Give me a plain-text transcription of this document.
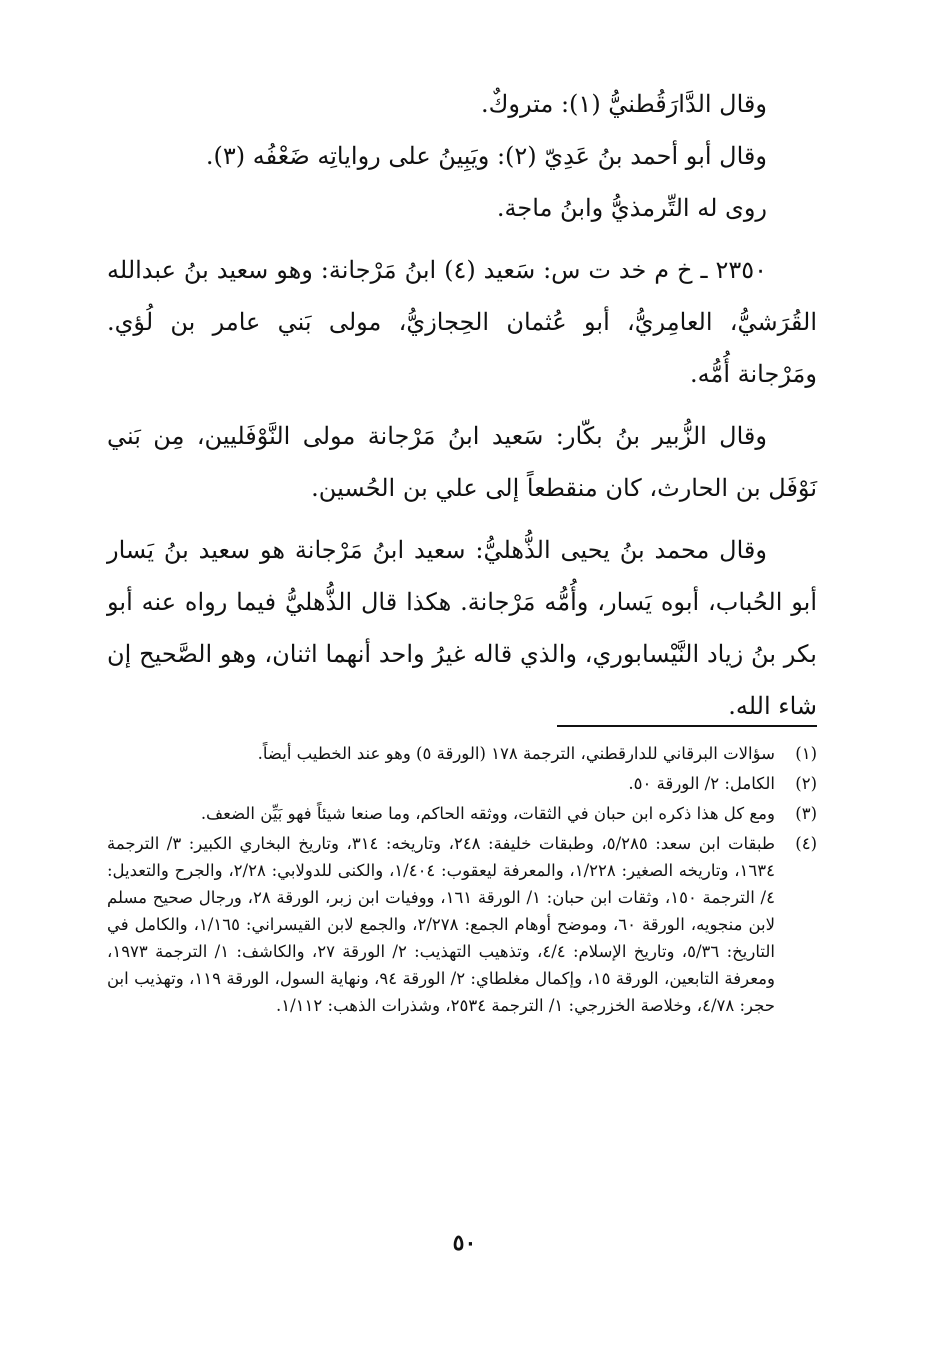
وقال الدَّارَقُطنيُّ (١): متروكٌ.

وقال أبو أحمد بنُ عَدِيّ (٢): ويَبِينُ على رواياتِه ضَعْفُه (٣).

روى له التِّرمذيُّ وابنُ ماجة.

٢٣٥٠ ـ خ م خد ت س: سَعيد (٤) ابنُ مَرْجانة: وهو سعيد بنُ عبدالله القُرَشيُّ، العامِريُّ، أبو عُثمان الحِجازيُّ، مولى بَني عامر بن لُؤي. ومَرْجانة أُمُّه.

وقال الزُّبير بنُ بكّار: سَعيد ابنُ مَرْجانة مولى النَّوْفَليين، مِن بَني نَوْفَل بن الحارث، كان منقطعاً إلى علي بن الحُسين.

وقال محمد بنُ يحيى الذُّهليُّ: سعيد ابنُ مَرْجانة هو سعيد بنُ يَسار أبو الحُباب، أبوه يَسار، وأُمُّه مَرْجانة. هكذا قال الذُّهليُّ فيما رواه عنه أبو بكر بنُ زياد النَّيْسابوري، والذي قاله غيرُ واحد أنهما اثنان، وهو الصَّحيح إن شاء الله.

(١)
سؤالات البرقاني للدارقطني، الترجمة ١٧٨ (الورقة ٥) وهو عند الخطيب أيضاً.
(٢)
الكامل: ٢/ الورقة ٥٠.
(٣)
ومع كل هذا ذكره ابن حبان في الثقات، ووثقه الحاكم، وما صنعا شيئاً فهو بَيِّن الضعف.
(٤)
طبقات ابن سعد: ٥/٢٨٥، وطبقات خليفة: ٢٤٨، وتاريخه: ٣١٤، وتاريخ البخاري الكبير: ٣/ الترجمة ١٦٣٤، وتاريخه الصغير: ١/٢٢٨، والمعرفة ليعقوب: ١/٤٠٤، والكنى للدولابي: ٢/٢٨، والجرح والتعديل: ٤/ الترجمة ١٥٠، وثقات ابن حبان: ١/ الورقة ١٦١، ووفيات ابن زبر، الورقة ٢٨، ورجال صحيح مسلم لابن منجويه، الورقة ٦٠، وموضح أوهام الجمع: ٢/٢٧٨، والجمع لابن القيسراني: ١/١٦٥، والكامل في التاريخ: ٥/٣٦، وتاريخ الإسلام: ٤/٤، وتذهيب التهذيب: ٢/ الورقة ٢٧، والكاشف: ١/ الترجمة ١٩٧٣، ومعرفة التابعين، الورقة ١٥، وإكمال مغلطاي: ٢/ الورقة ٩٤، ونهاية السول، الورقة ١١٩، وتهذيب ابن حجر: ٤/٧٨، وخلاصة الخزرجي: ١/ الترجمة ٢٥٣٤، وشذرات الذهب: ١/١١٢.
٥٠
